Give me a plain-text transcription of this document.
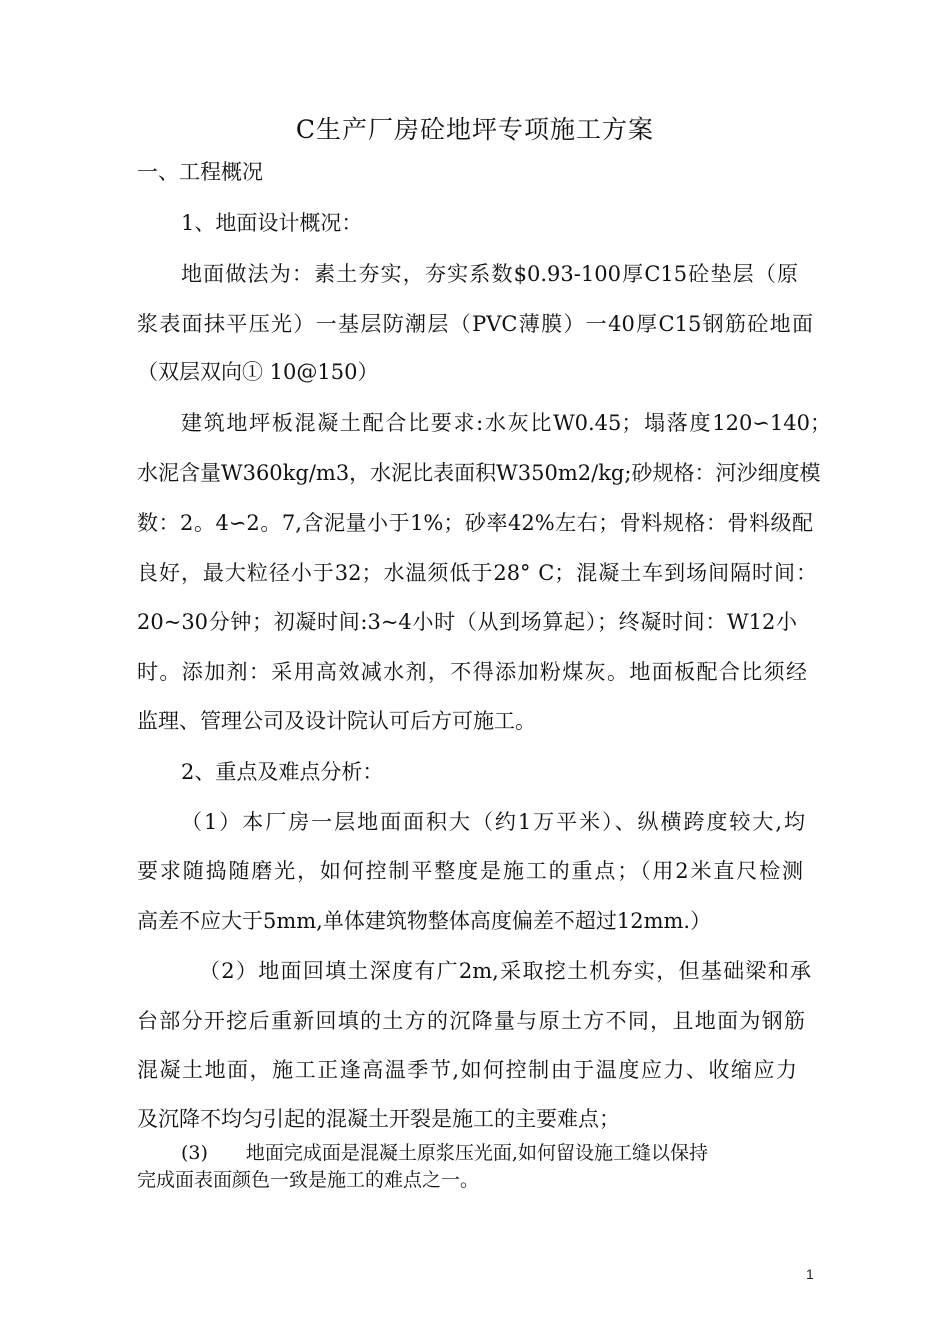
C生产厂房砼地坪专项施工方案
一、工程概况
1、地面设计概况：
地面做法为：素土夯实，夯实系数$0.93-100厚C15砼垫层（原
浆表面抹平压光）一基层防潮层（PVC薄膜）一40厚C15钢筋砼地面
（双层双向① 10@150）
建筑地坪板混凝土配合比要求:水灰比W0.45；塌落度120∽140；
水泥含量W360kg/m3，水泥比表面积W350m2/kg;砂规格：河沙细度模
数：2。4∽2。7,含泥量小于1%；砂率42%左右；骨料规格：骨料级配
良好，最大粒径小于32；水温须低于28° C；混凝土车到场间隔时间：
20~30分钟；初凝时间:3~4小时（从到场算起）；终凝时间：W12小
时。添加剂：采用高效减水剂，不得添加粉煤灰。地面板配合比须经
监理、管理公司及设计院认可后方可施工。
2、重点及难点分析：
（1）本厂房一层地面面积大（约1万平米）、纵横跨度较大,均
要求随捣随磨光，如何控制平整度是施工的重点；（用2米直尺检测
高差不应大于5mm,单体建筑物整体高度偏差不超过12mm.）
（2）地面回填土深度有广2m,采取挖土机夯实，但基础梁和承
台部分开挖后重新回填的土方的沉降量与原土方不同，且地面为钢筋
混凝土地面，施工正逢高温季节,如何控制由于温度应力、收缩应力
及沉降不均匀引起的混凝土开裂是施工的主要难点；
(3)　　地面完成面是混凝土原浆压光面,如何留设施工缝以保持
完成面表面颜色一致是施工的难点之一。
1
